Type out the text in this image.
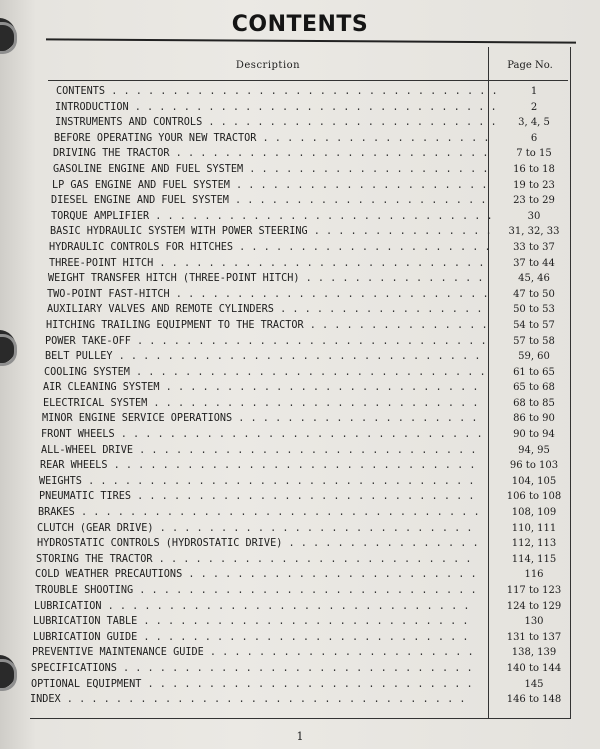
CONTENTS
Description	Page No.
CONTENTS . . .	1
INTRODUCTION . . .	2
INSTRUMENTS AND CONTROLS . . .	3, 4, 5
BEFORE OPERATING YOUR NEW TRACTOR . . .	6
DRIVING THE TRACTOR . . .	7 to 15
GASOLINE ENGINE AND FUEL SYSTEM . . .	16 to 18
LP GAS ENGINE AND FUEL SYSTEM . . .	19 to 23
DIESEL ENGINE AND FUEL SYSTEM . . .	23 to 29
TORQUE AMPLIFIER . . .	30
BASIC HYDRAULIC SYSTEM WITH POWER STEERING . . .	31, 32, 33
HYDRAULIC CONTROLS FOR HITCHES . . .	33 to 37
THREE-POINT HITCH . . .	37 to 44
WEIGHT TRANSFER HITCH (THREE-POINT HITCH) . . .	45, 46
TWO-POINT FAST-HITCH . . .	47 to 50
AUXILIARY VALVES AND REMOTE CYLINDERS . . .	50 to 53
HITCHING TRAILING EQUIPMENT TO THE TRACTOR . . .	54 to 57
POWER TAKE-OFF . . .	57 to 58
BELT PULLEY . . .	59, 60
COOLING SYSTEM . . .	61 to 65
AIR CLEANING SYSTEM . . .	65 to 68
ELECTRICAL SYSTEM . . .	68 to 85
MINOR ENGINE SERVICE OPERATIONS . . .	86 to 90
FRONT WHEELS . . .	90 to 94
ALL-WHEEL DRIVE . . .	94, 95
REAR WHEELS . . .	96 to 103
WEIGHTS . . .	104, 105
PNEUMATIC TIRES . . .	106 to 108
BRAKES . . .	108, 109
CLUTCH (GEAR DRIVE) . . .	110, 111
HYDROSTATIC CONTROLS (HYDROSTATIC DRIVE) . . .	112, 113
STORING THE TRACTOR . . .	114, 115
COLD WEATHER PRECAUTIONS . . .	116
TROUBLE SHOOTING . . .	117 to 123
LUBRICATION . . .	124 to 129
LUBRICATION TABLE . . .	130
LUBRICATION GUIDE . . .	131 to 137
PREVENTIVE MAINTENANCE GUIDE . . .	138, 139
SPECIFICATIONS . . .	140 to 144
OPTIONAL EQUIPMENT . . .	145
INDEX . . .	146 to 148
1
